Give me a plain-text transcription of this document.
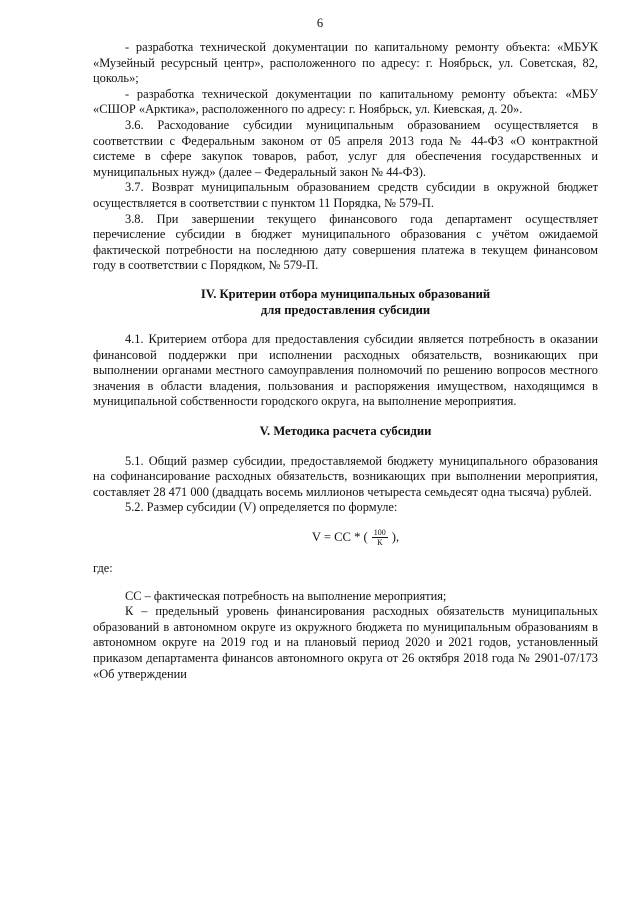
6

- разработка технической документации по капитальному ремонту объекта: «МБУК «Музейный ресурсный центр», расположенного по адресу: г. Ноябрьск, ул. Советская, 82, цоколь»;

- разработка технической документации по капитальному ремонту объекта: «МБУ «СШОР «Арктика», расположенного по адресу: г. Ноябрьск, ул. Киевская, д. 20».

3.6. Расходование субсидии муниципальным образованием осуществляется в соответствии с Федеральным законом от 05 апреля 2013 года № 44-ФЗ «О контрактной системе в сфере закупок товаров, работ, услуг для обеспечения государственных и муниципальных нужд» (далее – Федеральный закон № 44-ФЗ).

3.7. Возврат муниципальным образованием средств субсидии в окружной бюджет осуществляется в соответствии с пунктом 11 Порядка, № 579-П.

3.8. При завершении текущего финансового года департамент осуществляет перечисление субсидии в бюджет муниципального образования с учётом ожидаемой фактической потребности на последнюю дату совершения платежа в текущем финансовом году в соответствии с Порядком, № 579-П.

IV. Критерии отбора муниципальных образований
для предоставления субсидии

4.1. Критерием отбора для предоставления субсидии является потребность в оказании финансовой поддержки при исполнении расходных обязательств, возникающих при выполнении органами местного самоуправления полномочий по решению вопросов местного значения в области владения, пользования и распоряжения имуществом, находящимся в муниципальной собственности городского округа, на выполнение мероприятия.

V. Методика расчета субсидии

5.1. Общий размер субсидии, предоставляемой бюджету муниципального образования на софинансирование расходных обязательств, возникающих при выполнении мероприятия, составляет 28 471 000 (двадцать восемь миллионов четыреста семьдесят одна тысяча) рублей.

5.2. Размер субсидии (V) определяется по формуле:

V = СС * ( $\frac{100}{К}$ ),

где:

СС – фактическая потребность на выполнение мероприятия;

К – предельный уровень финансирования расходных обязательств муниципальных образований в автономном округе из окружного бюджета по муниципальным образованиям в автономном округе на 2019 год и на плановый период 2020 и 2021 годов, установленный приказом департамента финансов автономного округа от 26 октября 2018 года № 2901-07/173 «Об утверждении
